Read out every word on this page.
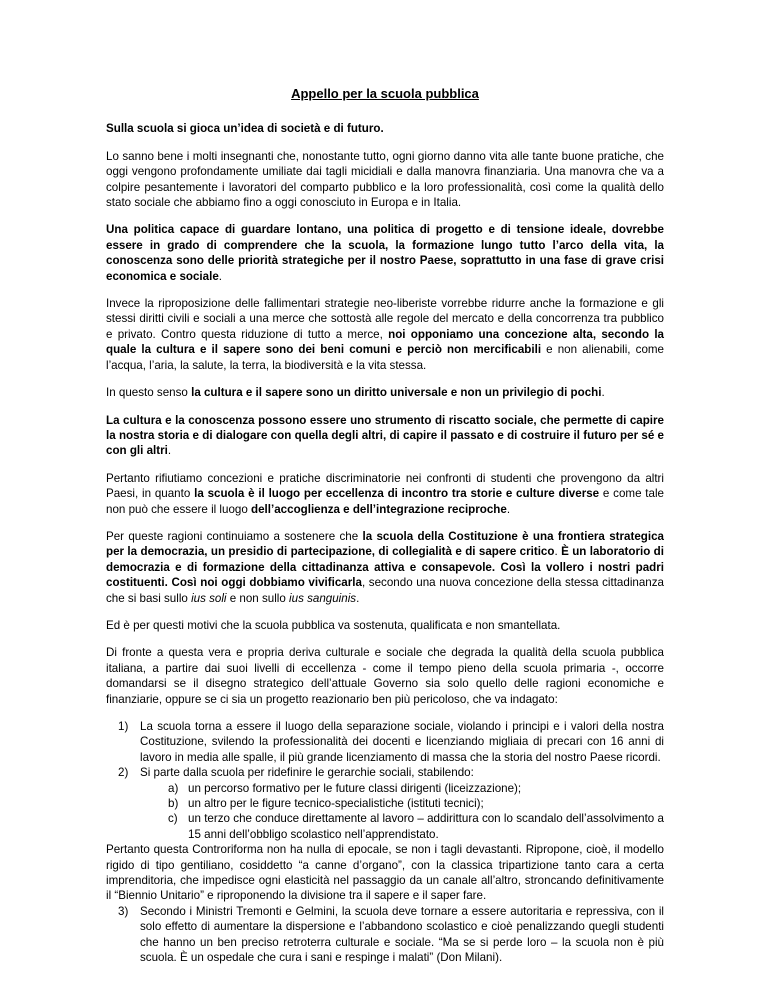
Appello per la scuola pubblica

Sulla scuola si gioca un’idea di società e di futuro.

Lo sanno bene i molti insegnanti che, nonostante tutto, ogni giorno danno vita alle tante buone pratiche, che oggi vengono profondamente umiliate dai tagli micidiali e dalla manovra finanziaria. Una manovra che va a colpire pesantemente i lavoratori del comparto pubblico e la loro professionalità, così come la qualità dello stato sociale che abbiamo fino a oggi conosciuto in Europa e in Italia.

Una politica capace di guardare lontano, una politica di progetto e di tensione ideale, dovrebbe essere in grado di comprendere che la scuola, la formazione lungo tutto l’arco della vita, la conoscenza sono delle priorità strategiche per il nostro Paese, soprattutto in una fase di grave crisi economica e sociale.

Invece la riproposizione delle fallimentari strategie neo-liberiste vorrebbe ridurre anche la formazione e gli stessi diritti civili e sociali a una merce che sottostà alle regole del mercato e della concorrenza tra pubblico e privato. Contro questa riduzione di tutto a merce, noi opponiamo una concezione alta, secondo la quale la cultura e il sapere sono dei beni comuni e perciò non mercificabili e non alienabili, come l’acqua, l’aria, la salute, la terra, la biodiversità e la vita stessa.

In questo senso la cultura e il sapere sono un diritto universale e non un privilegio di pochi.

La cultura e la conoscenza possono essere uno strumento di riscatto sociale, che permette di capire la nostra storia e di dialogare con quella degli altri, di capire il passato e di costruire il futuro per sé e con gli altri.

Pertanto rifiutiamo concezioni e pratiche discriminatorie nei confronti di studenti che provengono da altri Paesi, in quanto la scuola è il luogo per eccellenza di incontro tra storie e culture diverse e come tale non può che essere il luogo dell’accoglienza e dell’integrazione reciproche.

Per queste ragioni continuiamo a sostenere che la scuola della Costituzione è una frontiera strategica per la democrazia, un presidio di partecipazione, di collegialità e di sapere critico. È un laboratorio di democrazia e di formazione della cittadinanza attiva e consapevole. Così la vollero i nostri padri costituenti. Così noi oggi dobbiamo vivificarla, secondo una nuova concezione della stessa cittadinanza che si basi sullo ius soli e non sullo ius sanguinis.

Ed è per questi motivi che la scuola pubblica va sostenuta, qualificata e non smantellata.

Di fronte a questa vera e propria deriva culturale e sociale che degrada la qualità della scuola pubblica italiana, a partire dai suoi livelli di eccellenza - come il tempo pieno della scuola primaria -, occorre domandarsi se il disegno strategico dell’attuale Governo sia solo quello delle ragioni economiche e finanziarie, oppure se ci sia un progetto reazionario ben più pericoloso, che va indagato:

1)	La scuola torna a essere il luogo della separazione sociale, violando i principi e i valori della nostra Costituzione, svilendo la professionalità dei docenti e licenziando migliaia di precari con 16 anni di lavoro in media alle spalle, il più grande licenziamento di massa che la storia del nostro Paese ricordi.
2)	Si parte dalla scuola per ridefinire le gerarchie sociali, stabilendo:
a) un percorso formativo per le future classi dirigenti (liceizzazione);
b) un altro per le figure tecnico-specialistiche (istituti tecnici);
c) un terzo che conduce direttamente al lavoro – addirittura con lo scandalo dell’assolvimento a 15 anni dell’obbligo scolastico nell’apprendistato.

Pertanto questa Controriforma non ha nulla di epocale, se non i tagli devastanti. Ripropone, cioè, il modello rigido di tipo gentiliano, cosiddetto “a canne d’organo”, con la classica tripartizione tanto cara a certa imprenditoria, che impedisce ogni elasticità nel passaggio da un canale all’altro, stroncando definitivamente il “Biennio Unitario” e riproponendo la divisione tra il sapere e il saper fare.

3)	Secondo i Ministri Tremonti e Gelmini, la scuola deve tornare a essere autoritaria e repressiva, con il solo effetto di aumentare la dispersione e l’abbandono scolastico e cioè penalizzando quegli studenti che hanno un ben preciso retroterra culturale e sociale. “Ma se si perde loro – la scuola non è più scuola. È un ospedale che cura i sani e respinge i malati” (Don Milani).
